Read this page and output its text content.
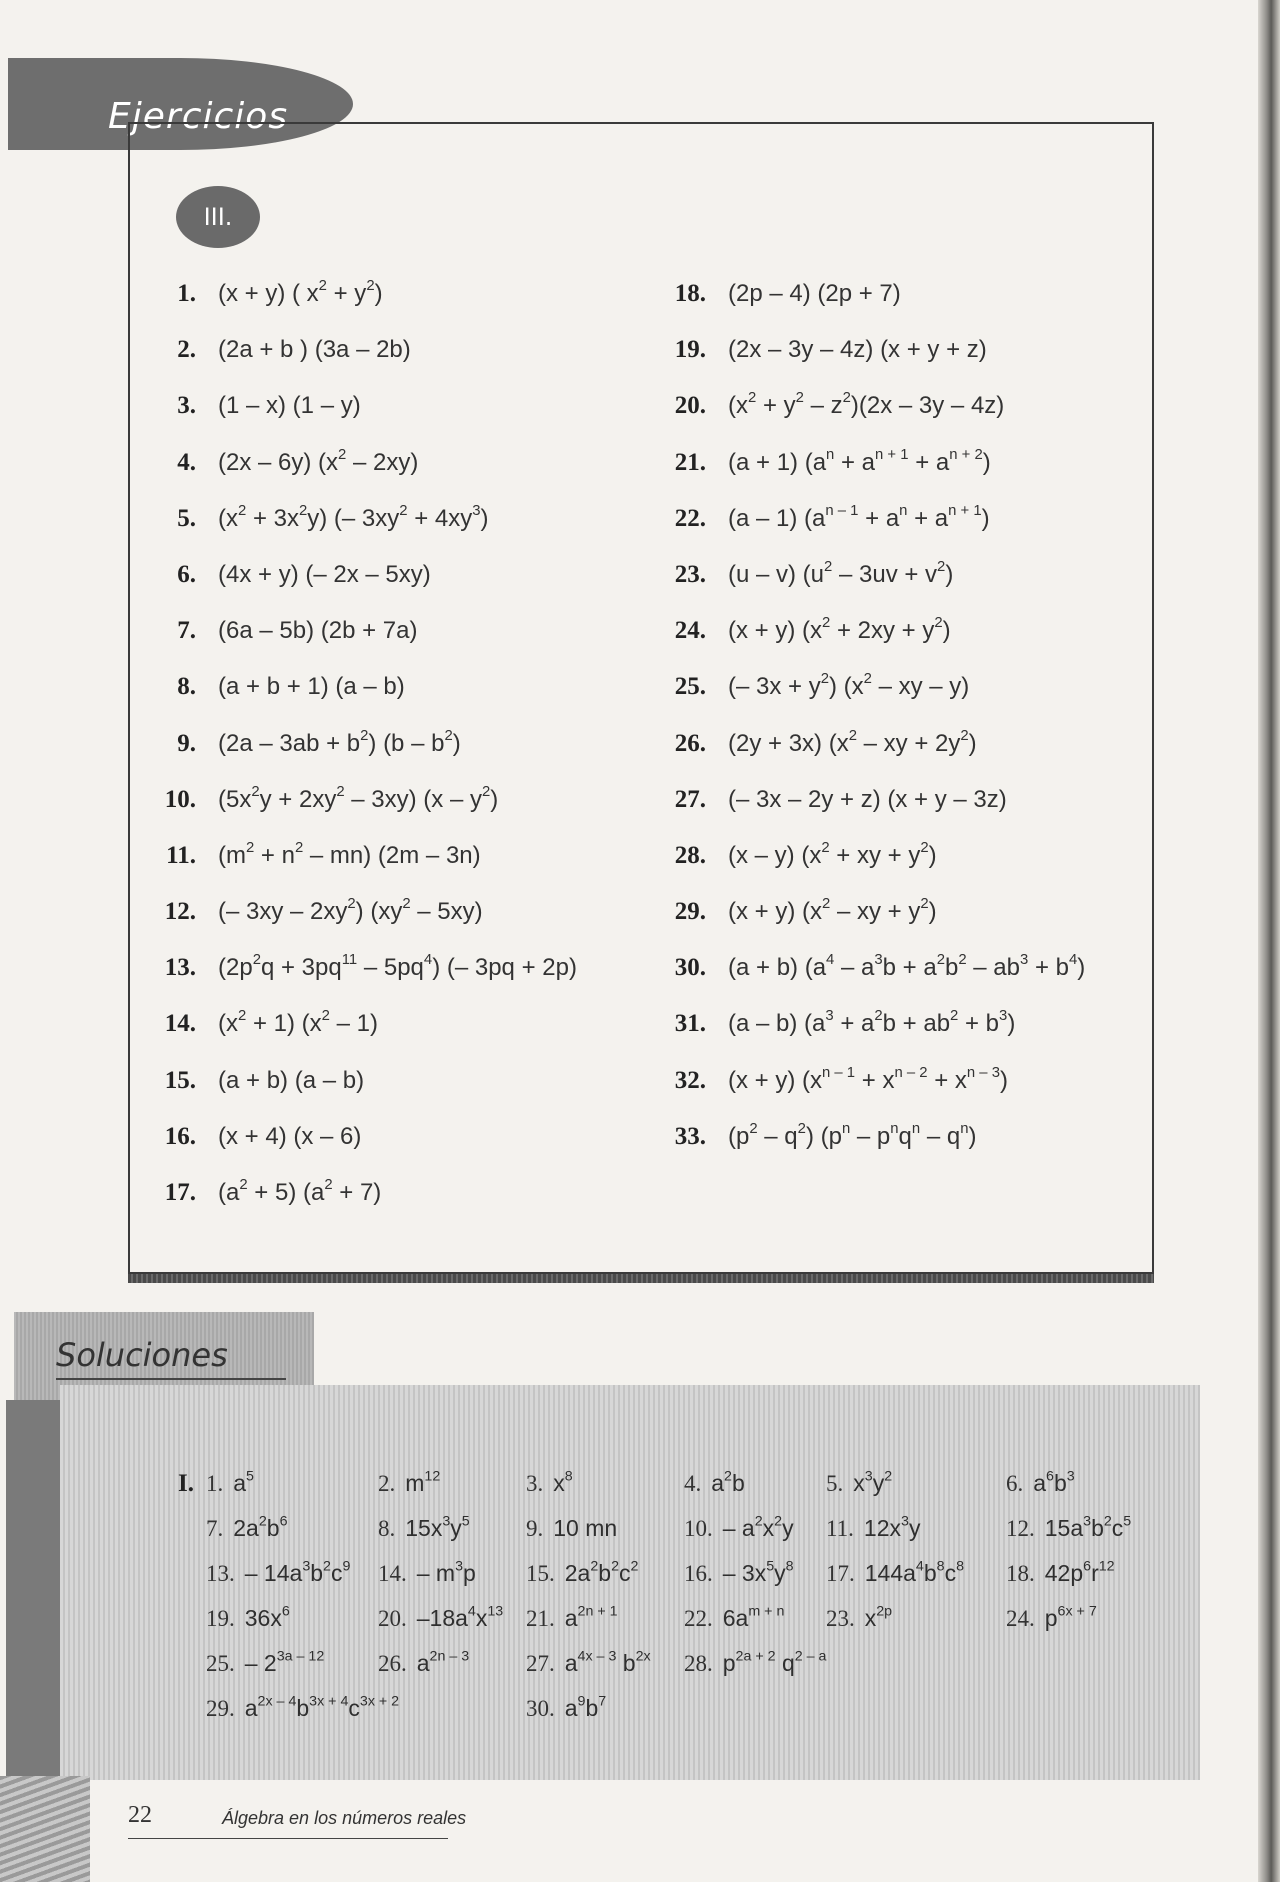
Ejercicios
III.
1. (x + y) ( $x^2 + y^2$)
2. (2a + b ) (3a – 2b)
3. (1 – x) (1 – y)
4. (2x – 6y) $(x^2 - 2xy)$
5. $(x^2 + 3x^2y)$ (– $3xy^2 + 4xy^3$)
6. (4x + y) (– 2x – 5xy)
7. (6a – 5b) (2b + 7a)
8. (a + b + 1) (a – b)
9. $(2a - 3ab + b^2)$ $(b - b^2)$
10. $(5x^2y + 2xy^2 - 3xy)$ $(x - y^2)$
11. $(m^2 + n^2 - mn)$ (2m – 3n)
12. (– $3xy - 2xy^2$) $(xy^2 - 5xy)$
13. $(2p^2q + 3pq^{11} - 5pq^4)$ (– 3pq + 2p)
14. $(x^2 + 1)$ $(x^2 - 1)$
15. (a + b) (a – b)
16. (x + 4) (x – 6)
17. $(a^2 + 5) (a^2 + 7)$
18. (2p – 4) (2p + 7)
19. (2x – 3y – 4z) (x + y + z)
20. $(x^2 + y^2 - z^2)(2x - 3y - 4z)$
21. (a + 1) $(a^n + a^{n + 1} + a^{n + 2})$
22. (a – 1) $(a^{n - 1} + a^n + a^{n + 1})$
23. (u – v) $(u^2 - 3uv + v^2)$
24. (x + y) $(x^2 + 2xy + y^2)$
25. (– $3x + y^2$) ($x^2$ – xy – y)
26. (2y + 3x) ($x^2$ – xy + $2y^2$)
27. (– 3x – 2y + z) (x + y – 3z)
28. (x – y) ($x^2$ + xy + $y^2$)
29. (x + y) ($x^2$ – xy + $y^2$)
30. (a + b) $(a^4 - a^3b + a^2b^2 - ab^3 + b^4)$
31. (a – b) $(a^3 + a^2b + ab^2 + b^3)$
32. (x + y) $(x^{n - 1} + x^{n - 2} + x^{n - 3})$
33. $(p^2 - q^2)$ $(p^n - p^nq^n - q^n)$
Soluciones
I. 1. $a^5$	2. $m^{12}$	3. $x^8$	4. $a^2b$	5. $x^3y^2$	6. $a^6b^3$
7. $2a^2b^6$	8. $15x^3y^5$ 9. 10 mn	10. – $a^2x^2y$ 11. $12x^3y$	12. $15a^3b^2c^5$
13. – $14a^3b^2c^9$ 14. – $m^3p$ 15. $2a^2b^2c^2$ 16. – $3x^5y^8$ 17. $144a^4b^8c^8$ 18. $42p^6r^{12}$
19. $36x^6$	20. $-18a^4x^{13}$ 21. $a^{2n + 1}$	22. $6a^{m + n}$ 23. $x^{2p}$	24. $p^{6x + 7}$
25. – $2^{3a - 12}$ 26. $a^{2n - 3}$ 27. $a^{4x - 3}$ $b^{2x}$ 28. $p^{2a + 2}$ $q^{2 - a}$
29. $a^{2x - 4}b^{3x + 4}c^{3x + 2}$	30. $a^9b^7$
22	Álgebra en los números reales
